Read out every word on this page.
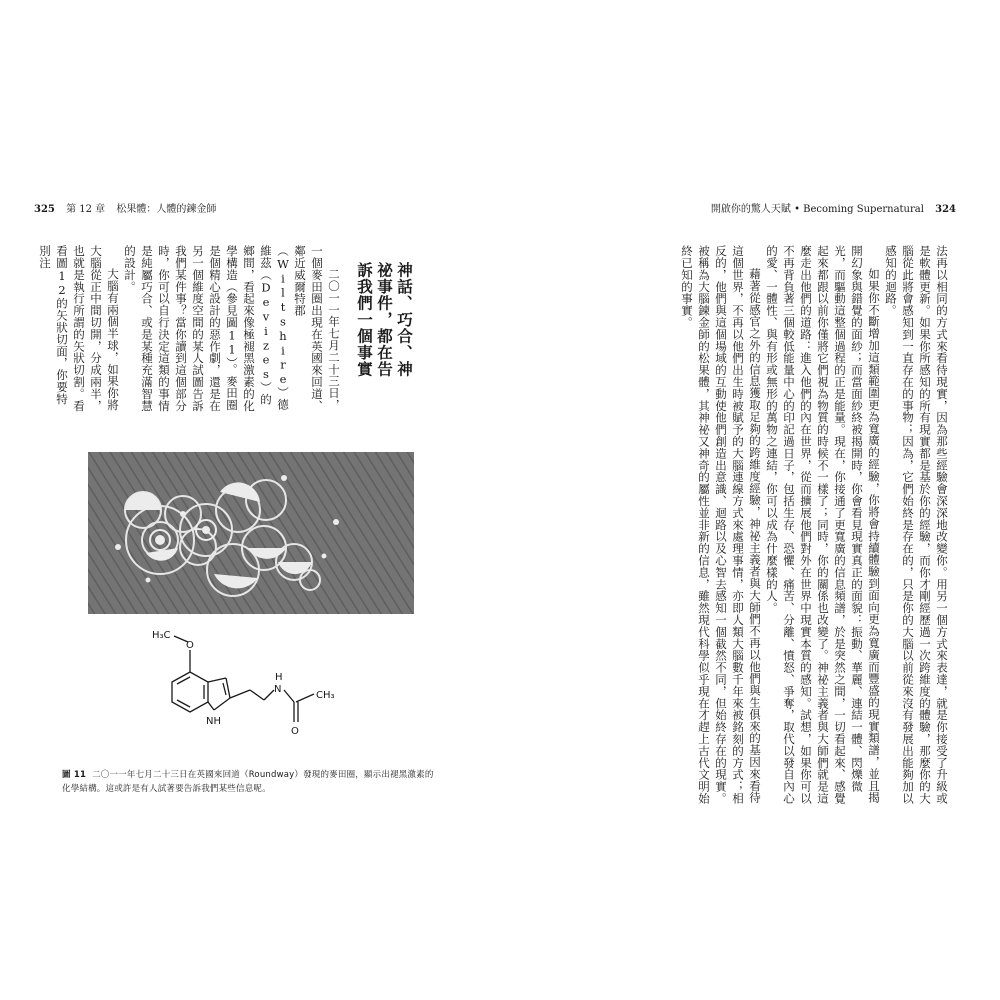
325 第 12 章 松果體：人體的鍊金師
神話、巧合、神祕事件，都在告訴我們一個事實

二〇一一年七月二十三日，一個麥田圈出現在英國來回道、鄰近威爾特郡（Wiltshire）德維茲（Devizes）的鄉間，看起來像極褪黑激素的化學構造（參見圖11）。麥田圈是個精心設計的惡作劇，還是在另一個維度空間的某人試圖告訴我們某件事？當你讀到這個部分時，你可以自行決定這類的事情是純屬巧合、或是某種充滿智慧的設計。

大腦有兩個半球，如果你將大腦從正中間切開，分成兩半，也就是執行所謂的矢狀切割。看看圖12的矢狀切面，你要特別注

H₃C
O
NH
N
H
O
CH₃
圖 11 二〇一一年七月二十三日在英國來回道（Roundway）發現的麥田圈，顯示出褪黑激素的化學結構。這或許是有人試著要告訴我們某些信息呢。
開啟你的驚人天賦 • Becoming Supernatural 324

法再以相同的方式來看待現實，因為那些經驗會深深地改變你。用另一個方式來表達，就是你接受了升級或是軟體更新。如果你所感知的所有現實都是基於你的經驗，而你才剛經歷過一次跨維度的體驗，那麼你的大腦從此將會感知到一直存在的事物；因為，它們始終是存在的，只是你的大腦以前從來沒有發展出能夠加以感知的迴路。

如果你不斷增加這類範圍更為寬廣的經驗，你將會持續體驗到面向更為寬廣而豐盛的現實類譜，並且揭開幻象與錯覺的面紗；而當面紗終被揭開時，你會看見現實真正的面貌：振動、華麗、連結一體、閃爍微光，而驅動這整個過程的正是能量。現在，你接通了更寬廣的信息頻譜，於是突然之間，一切看起來、感覺起來都跟以前你僅將它們視為物質的時候不一樣了；同時，你的關係也改變了。神祕主義者與大師們就是這麼走出他們的道路：進入他們的內在世界，從而擴展他們對外在世界中現實本質的感知。試想，如果你可以不再背負著三個較低能量中心的印記過日子，包括生存、恐懼、痛苦、分離、憤怒、爭奪，取代以發自內心的愛、一體性、與有形或無形的萬物之連結，你可以成為什麼樣的人。

藉著從感官之外的信息獲取足夠的跨維度經驗，神祕主義者與大師們不再以他們與生俱來的基因來看待這個世界，不再以他們出生時被賦予的大腦連線方式來處理事情，亦即人類大腦數千年來被銘刻的方式；相反的，他們與這個場域的互動使他們創造出意識、迴路以及心智去感知一個截然不同，但始終存在的現實。被稱為大腦鍊金師的松果體，其神祕又神奇的屬性並非新的信息，雖然現代科學似乎現在才趕上古代文明始終已知的事實。
